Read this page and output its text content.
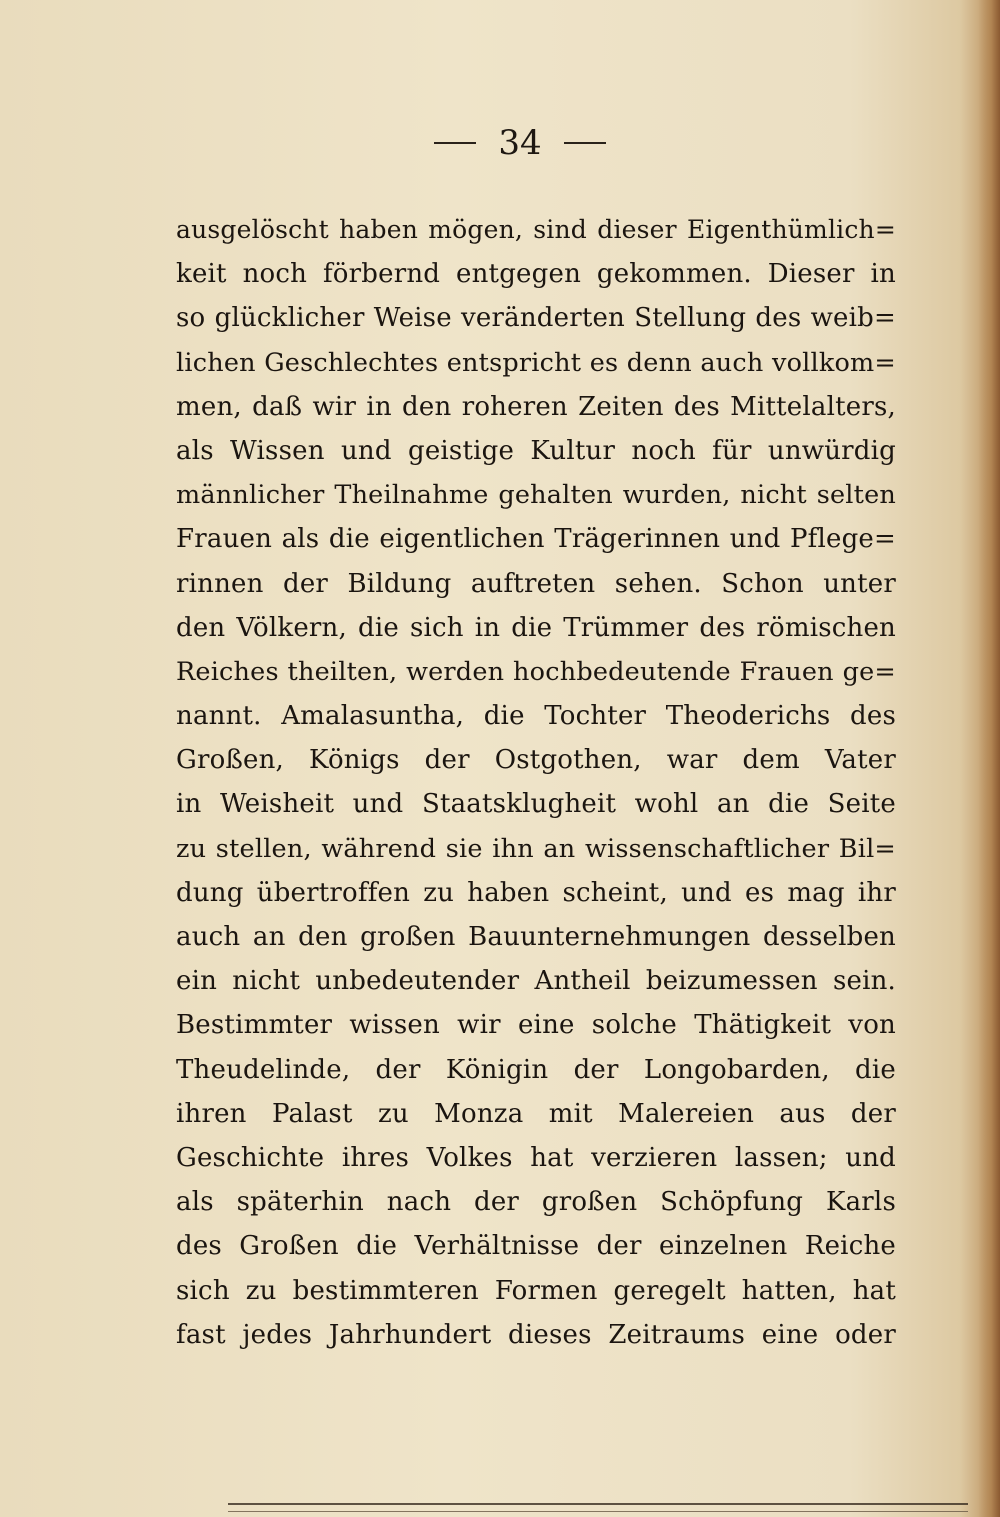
34
ausgelöscht haben mögen, sind dieser Eigenthümlich=
keit noch förbernd entgegen gekommen. Dieser in
so glücklicher Weise veränderten Stellung des weib=
lichen Geschlechtes entspricht es denn auch vollkom=
men, daß wir in den roheren Zeiten des Mittelalters,
als Wissen und geistige Kultur noch für unwürdig
männlicher Theilnahme gehalten wurden, nicht selten
Frauen als die eigentlichen Trägerinnen und Pflege=
rinnen der Bildung auftreten sehen. Schon unter
den Völkern, die sich in die Trümmer des römischen
Reiches theilten, werden hochbedeutende Frauen ge=
nannt. Amalasuntha, die Tochter Theoderichs des
Großen, Königs der Ostgothen, war dem Vater
in Weisheit und Staatsklugheit wohl an die Seite
zu stellen, während sie ihn an wissenschaftlicher Bil=
dung übertroffen zu haben scheint, und es mag ihr
auch an den großen Bauunternehmungen desselben
ein nicht unbedeutender Antheil beizumessen sein.
Bestimmter wissen wir eine solche Thätigkeit von
Theudelinde, der Königin der Longobarden, die
ihren Palast zu Monza mit Malereien aus der
Geschichte ihres Volkes hat verzieren lassen; und
als späterhin nach der großen Schöpfung Karls
des Großen die Verhältnisse der einzelnen Reiche
sich zu bestimmteren Formen geregelt hatten, hat
fast jedes Jahrhundert dieses Zeitraums eine oder
